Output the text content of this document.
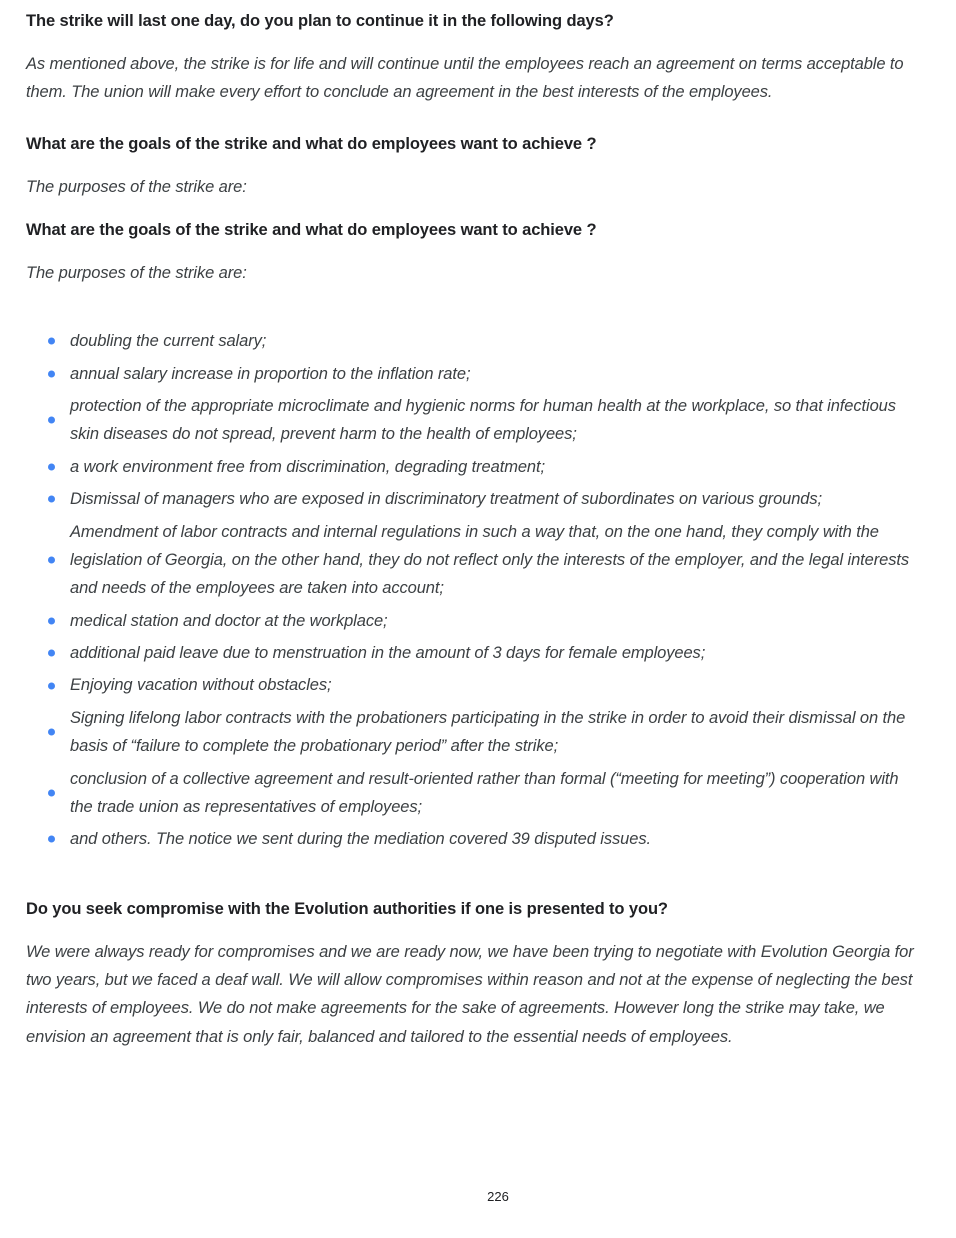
The strike will last one day, do you plan to continue it in the following days?

As mentioned above, the strike is for life and will continue until the employees reach an agreement on terms acceptable to them. The union will make every effort to conclude an agreement in the best interests of the employees.

What are the goals of the strike and what do employees want to achieve ?

The purposes of the strike are:

What are the goals of the strike and what do employees want to achieve ?

The purposes of the strike are:

doubling the current salary;
annual salary increase in proportion to the inflation rate;
protection of the appropriate microclimate and hygienic norms for human health at the workplace, so that infectious skin diseases do not spread, prevent harm to the health of employees;
a work environment free from discrimination, degrading treatment;
Dismissal of managers who are exposed in discriminatory treatment of subordinates on various grounds;
Amendment of labor contracts and internal regulations in such a way that, on the one hand, they comply with the legislation of Georgia, on the other hand, they do not reflect only the interests of the employer, and the legal interests and needs of the employees are taken into account;
medical station and doctor at the workplace;
additional paid leave due to menstruation in the amount of 3 days for female employees;
Enjoying vacation without obstacles;
Signing lifelong labor contracts with the probationers participating in the strike in order to avoid their dismissal on the basis of “failure to complete the probationary period” after the strike;
conclusion of a collective agreement and result-oriented rather than formal (“meeting for meeting”) cooperation with the trade union as representatives of employees;
and others. The notice we sent during the mediation covered 39 disputed issues.
Do you seek compromise with the Evolution authorities if one is presented to you?

We were always ready for compromises and we are ready now, we have been trying to negotiate with Evolution Georgia for two years, but we faced a deaf wall. We will allow compromises within reason and not at the expense of neglecting the best interests of employees. We do not make agreements for the sake of agreements. However long the strike may take, we envision an agreement that is only fair, balanced and tailored to the essential needs of employees.

226
